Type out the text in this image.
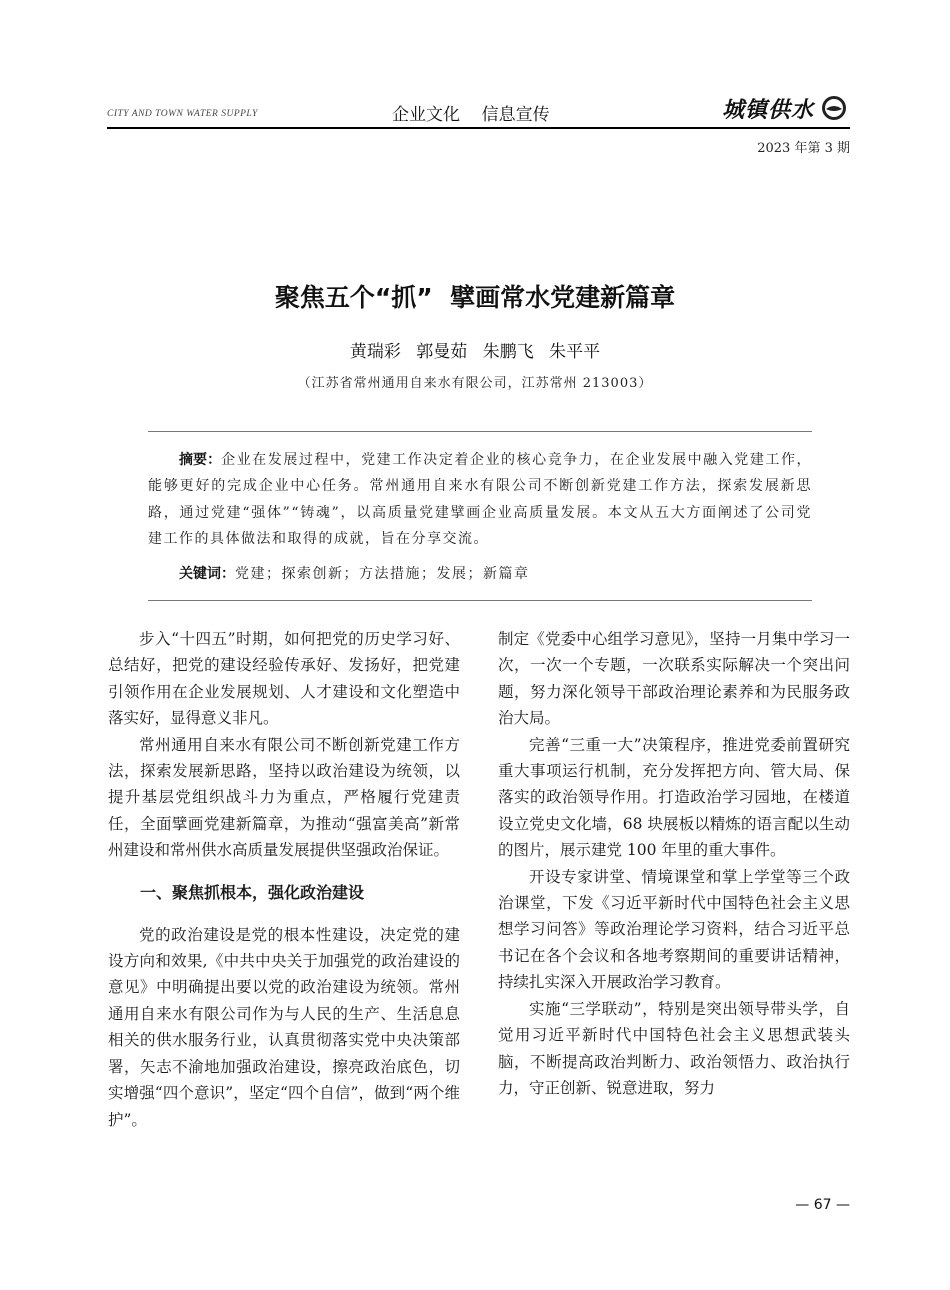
CITY AND TOWN WATER SUPPLY	企业文化    信息宣传	城镇供水
2023 年第 3 期
聚焦五个“抓”  擘画常水党建新篇章
黄瑞彩 郭曼茹 朱鹏飞 朱平平
（江苏省常州通用自来水有限公司，江苏常州 213003）
摘要：企业在发展过程中，党建工作决定着企业的核心竞争力，在企业发展中融入党建工作，能够更好的完成企业中心任务。常州通用自来水有限公司不断创新党建工作方法，探索发展新思路，通过党建“强体”“铸魂”，以高质量党建擘画企业高质量发展。本文从五大方面阐述了公司党建工作的具体做法和取得的成就，旨在分享交流。
关键词：党建；探索创新；方法措施；发展；新篇章

步入“十四五”时期，如何把党的历史学习好、总结好，把党的建设经验传承好、发扬好，把党建引领作用在企业发展规划、人才建设和文化塑造中落实好，显得意义非凡。

常州通用自来水有限公司不断创新党建工作方法，探索发展新思路，坚持以政治建设为统领，以提升基层党组织战斗力为重点，严格履行党建责任，全面擘画党建新篇章，为推动“强富美高”新常州建设和常州供水高质量发展提供坚强政治保证。

一、聚焦抓根本，强化政治建设

党的政治建设是党的根本性建设，决定党的建设方向和效果,《中共中央关于加强党的政治建设的意见》中明确提出要以党的政治建设为统领。常州通用自来水有限公司作为与人民的生产、生活息息相关的供水服务行业，认真贯彻落实党中央决策部署，矢志不渝地加强政治建设，擦亮政治底色，切实增强“四个意识”，坚定“四个自信”，做到“两个维护”。

制定《党委中心组学习意见》，坚持一月集中学习一次，一次一个专题，一次联系实际解决一个突出问题，努力深化领导干部政治理论素养和为民服务政治大局。

完善“三重一大”决策程序，推进党委前置研究重大事项运行机制，充分发挥把方向、管大局、保落实的政治领导作用。打造政治学习园地，在楼道设立党史文化墙，68 块展板以精炼的语言配以生动的图片，展示建党 100 年里的重大事件。

开设专家讲堂、情境课堂和掌上学堂等三个政治课堂，下发《习近平新时代中国特色社会主义思想学习问答》等政治理论学习资料，结合习近平总书记在各个会议和各地考察期间的重要讲话精神，持续扎实深入开展政治学习教育。

实施“三学联动”，特别是突出领导带头学，自觉用习近平新时代中国特色社会主义思想武装头脑，不断提高政治判断力、政治领悟力、政治执行力，守正创新、锐意进取，努力

— 67 —
